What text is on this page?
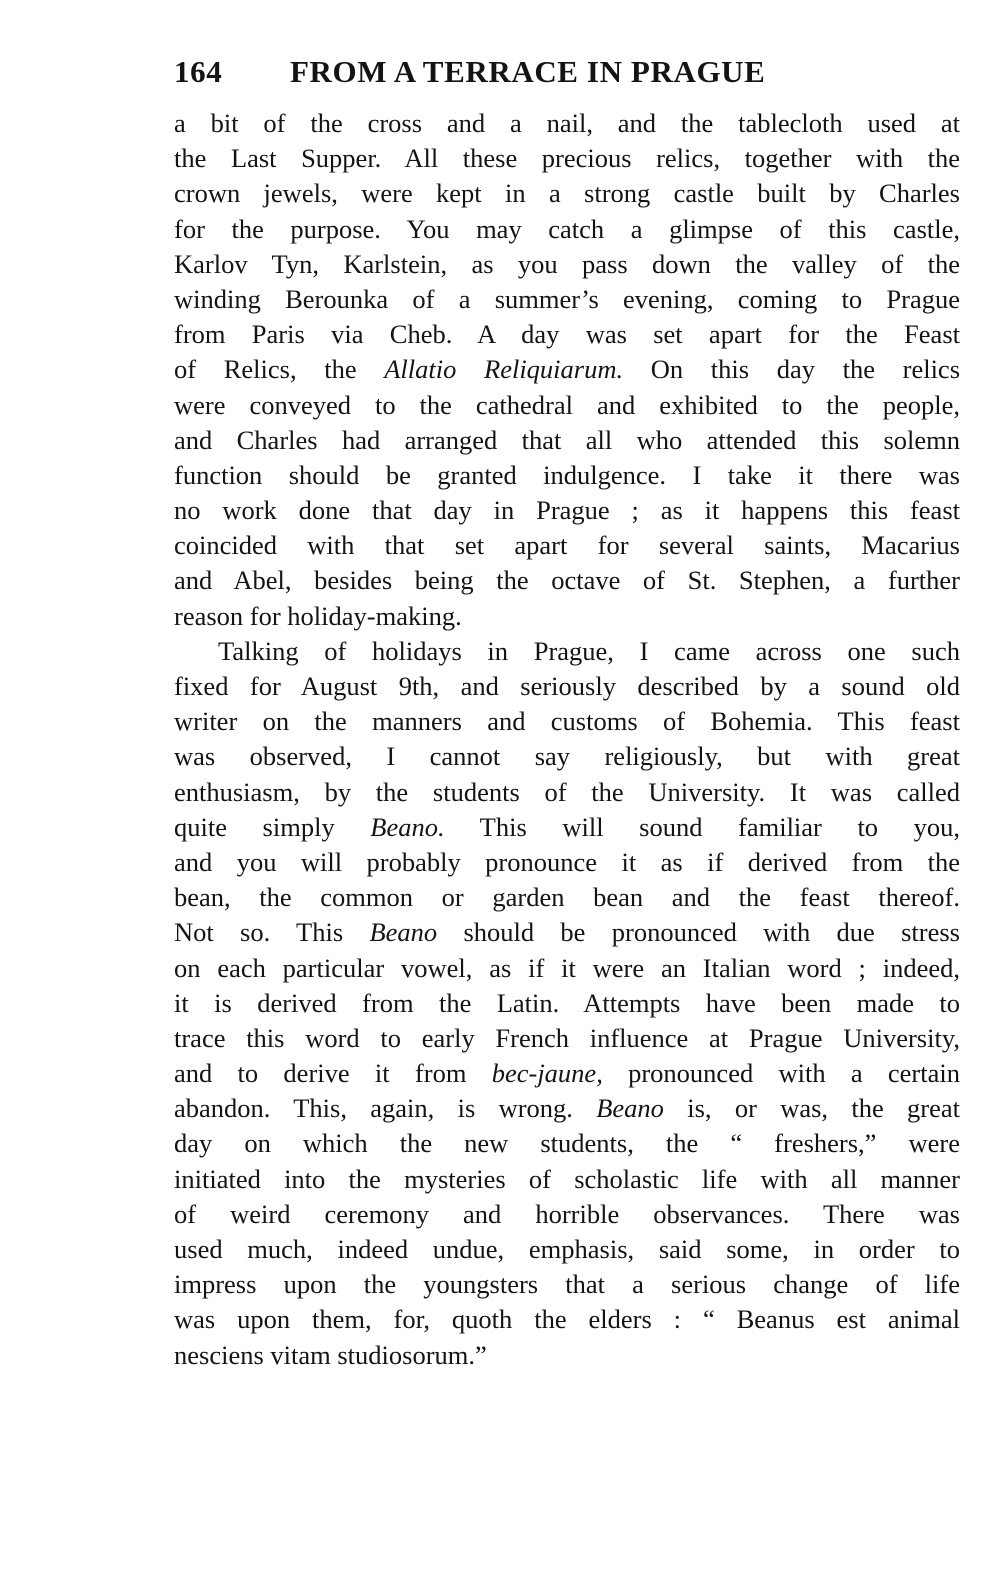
164 FROM A TERRACE IN PRAGUE
a bit of the cross and a nail, and the tablecloth used at
the Last Supper. All these precious relics, together with the
crown jewels, were kept in a strong castle built by Charles
for the purpose. You may catch a glimpse of this castle,
Karlov Tyn, Karlstein, as you pass down the valley of the
winding Berounka of a summer’s evening, coming to Prague
from Paris via Cheb. A day was set apart for the Feast
of Relics, the Allatio Reliquiarum. On this day the relics
were conveyed to the cathedral and exhibited to the people,
and Charles had arranged that all who attended this solemn
function should be granted indulgence. I take it there was
no work done that day in Prague ; as it happens this feast
coincided with that set apart for several saints, Macarius
and Abel, besides being the octave of St. Stephen, a further
reason for holiday-making.
Talking of holidays in Prague, I came across one such
fixed for August 9th, and seriously described by a sound old
writer on the manners and customs of Bohemia. This feast
was observed, I cannot say religiously, but with great
enthusiasm, by the students of the University. It was called
quite simply Beano. This will sound familiar to you,
and you will probably pronounce it as if derived from the
bean, the common or garden bean and the feast thereof.
Not so. This Beano should be pronounced with due stress
on each particular vowel, as if it were an Italian word ; indeed,
it is derived from the Latin. Attempts have been made to
trace this word to early French influence at Prague University,
and to derive it from bec-jaune, pronounced with a certain
abandon. This, again, is wrong. Beano is, or was, the great
day on which the new students, the “ freshers,” were
initiated into the mysteries of scholastic life with all manner
of weird ceremony and horrible observances. There was
used much, indeed undue, emphasis, said some, in order to
impress upon the youngsters that a serious change of life
was upon them, for, quoth the elders : “ Beanus est animal
nesciens vitam studiosorum.”
